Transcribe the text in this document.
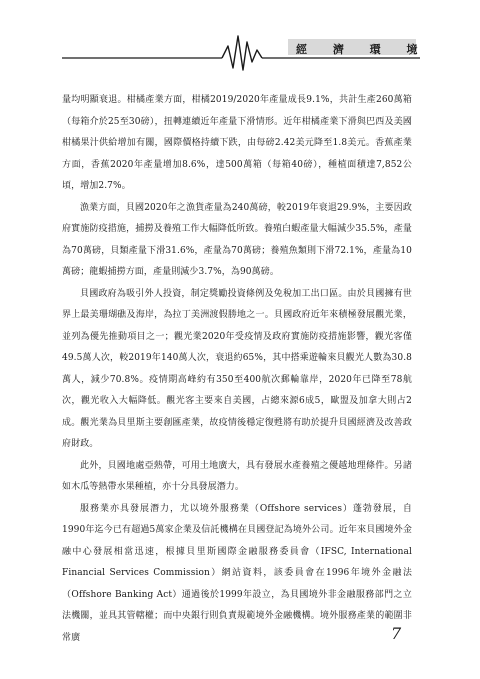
經 濟 環 境

量均明顯衰退。柑橘產業方面，柑橘2019/2020年產量成長9.1%，共計生產260萬箱（每箱介於25至30磅），扭轉連續近年產量下滑情形。近年柑橘產業下滑與巴西及美國柑橘果汁供給增加有關，國際價格持續下跌，由每磅2.42美元降至1.8美元。香蕉產業方面，香蕉2020年產量增加8.6%，達500萬箱（每箱40磅），種植面積達7,852公頃，增加2.7%。

漁業方面，貝國2020年之漁貨產量為240萬磅，較2019年衰退29.9%，主要因政府實施防疫措施，捕撈及養殖工作大幅降低所致。養殖白蝦產量大幅減少35.5%，產量為70萬磅，貝類產量下滑31.6%，產量為70萬磅；養殖魚類則下滑72.1%，產量為10萬磅；龍蝦捕撈方面，產量則減少3.7%，為90萬磅。

貝國政府為吸引外人投資，制定獎勵投資條例及免稅加工出口區。由於貝國擁有世界上最美珊瑚礁及海岸，為拉丁美洲渡假勝地之一。貝國政府近年來積極發展觀光業，並列為優先推動項目之一；觀光業2020年受疫情及政府實施防疫措施影響，觀光客僅49.5萬人次，較2019年140萬人次，衰退約65%，其中搭乘遊輪來貝觀光人數為30.8萬人，減少70.8%。疫情期高峰約有350至400航次郵輪靠岸，2020年已降至78航次，觀光收入大幅降低。觀光客主要來自美國，占總來源6成5，歐盟及加拿大則占2成。觀光業為貝里斯主要創匯產業，故疫情後穩定復甦將有助於提升貝國經濟及改善政府財政。

此外，貝國地處亞熱帶，可用土地廣大，具有發展水產養殖之優越地理條件。另諸如木瓜等熱帶水果種植，亦十分具發展潛力。

服務業亦具發展潛力，尤以境外服務業（Offshore services）蓬勃發展，自1990年迄今已有超過5萬家企業及信託機構在貝國登記為境外公司。近年來貝國境外金融中心發展相當迅速，根據貝里斯國際金融服務委員會（IFSC, International Financial Services Commission）網站資料，該委員會在1996年境外金融法（Offshore Banking Act）通過後於1999年設立，為貝國境外非金融服務部門之立法機關，並具其管轄權；而中央銀行則負責規範境外金融機構。境外服務產業的範圍非常廣	7
